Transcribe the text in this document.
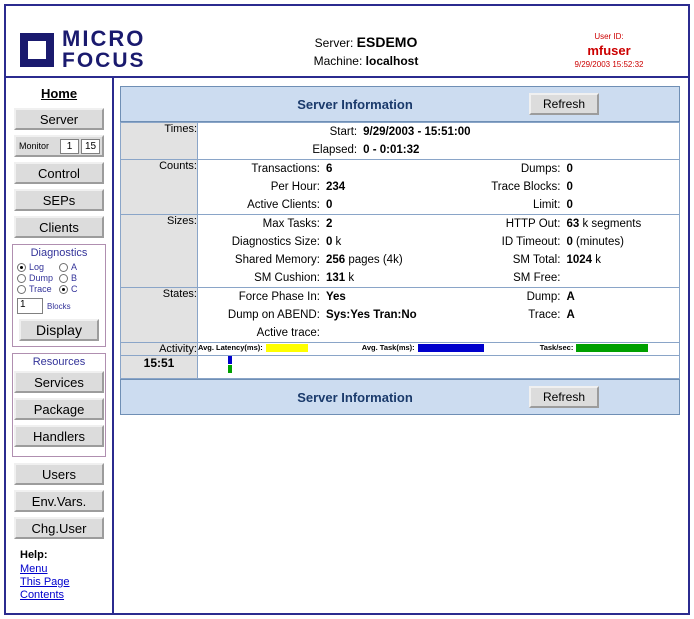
MICRO
FOCUS
Server: ESDEMO
Machine: localhost
User ID:
mfuser
9/29/2003 15:52:32
Home
Server
Monitor	1	15
Control
SEPs
Clients
Diagnostics
Log	A
Dump B
Trace C
1	Blocks
Display
Resources
Services
Package
Handlers
Users
Env.Vars.
Chg.User
Help:
Menu
This Page
Contents
Server Information	Refresh
Times:	Start: 9/29/2003 - 15:51:00
Elapsed: 0 - 0:01:32

Counts:	Transactions: 6	Dumps: 0
Per Hour: 234	Trace Blocks: 0
Active Clients: 0	Limit: 0

Sizes:	Max Tasks: 2	HTTP Out: 63 k segments
Diagnostics Size: 0 k	ID Timeout: 0 (minutes)
Shared Memory: 256 pages (4k)	SM Total: 1024 k
SM Cushion: 131 k	SM Free:

States:	Force Phase In: Yes	Dump: A
Dump on ABEND: Sys:Yes Tran:No	Trace: A
Active trace:

Activity:	Avg. Latency(ms): Avg. Task(ms): Task/sec:

15:51	
Server Information	Refresh
